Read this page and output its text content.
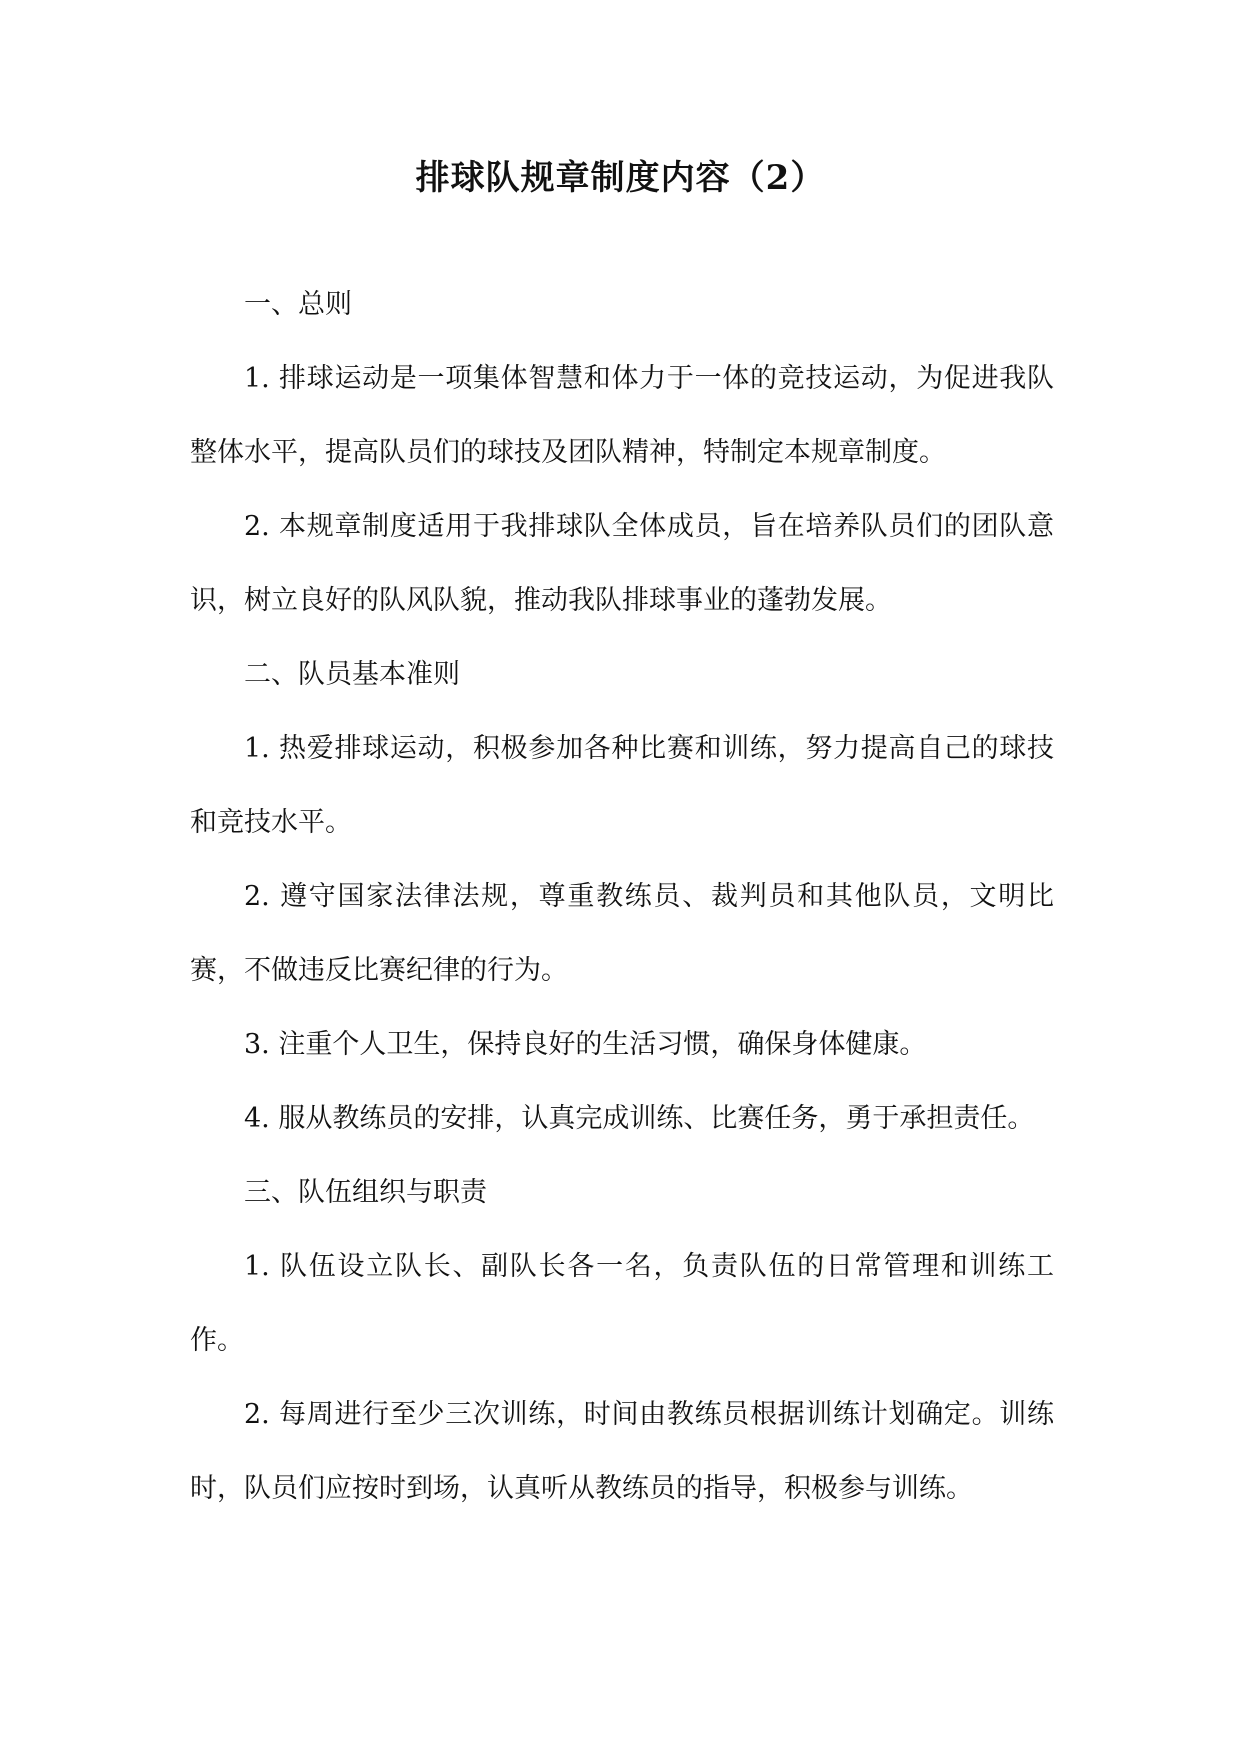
排球队规章制度内容（2）

一、总则

1. 排球运动是一项集体智慧和体力于一体的竞技运动，为促进我队整体水平，提高队员们的球技及团队精神，特制定本规章制度。

2. 本规章制度适用于我排球队全体成员，旨在培养队员们的团队意识，树立良好的队风队貌，推动我队排球事业的蓬勃发展。

二、队员基本准则

1. 热爱排球运动，积极参加各种比赛和训练，努力提高自己的球技和竞技水平。

2. 遵守国家法律法规，尊重教练员、裁判员和其他队员，文明比赛，不做违反比赛纪律的行为。

3. 注重个人卫生，保持良好的生活习惯，确保身体健康。

4. 服从教练员的安排，认真完成训练、比赛任务，勇于承担责任。

三、队伍组织与职责

1. 队伍设立队长、副队长各一名，负责队伍的日常管理和训练工作。

2. 每周进行至少三次训练，时间由教练员根据训练计划确定。训练时，队员们应按时到场，认真听从教练员的指导，积极参与训练。
